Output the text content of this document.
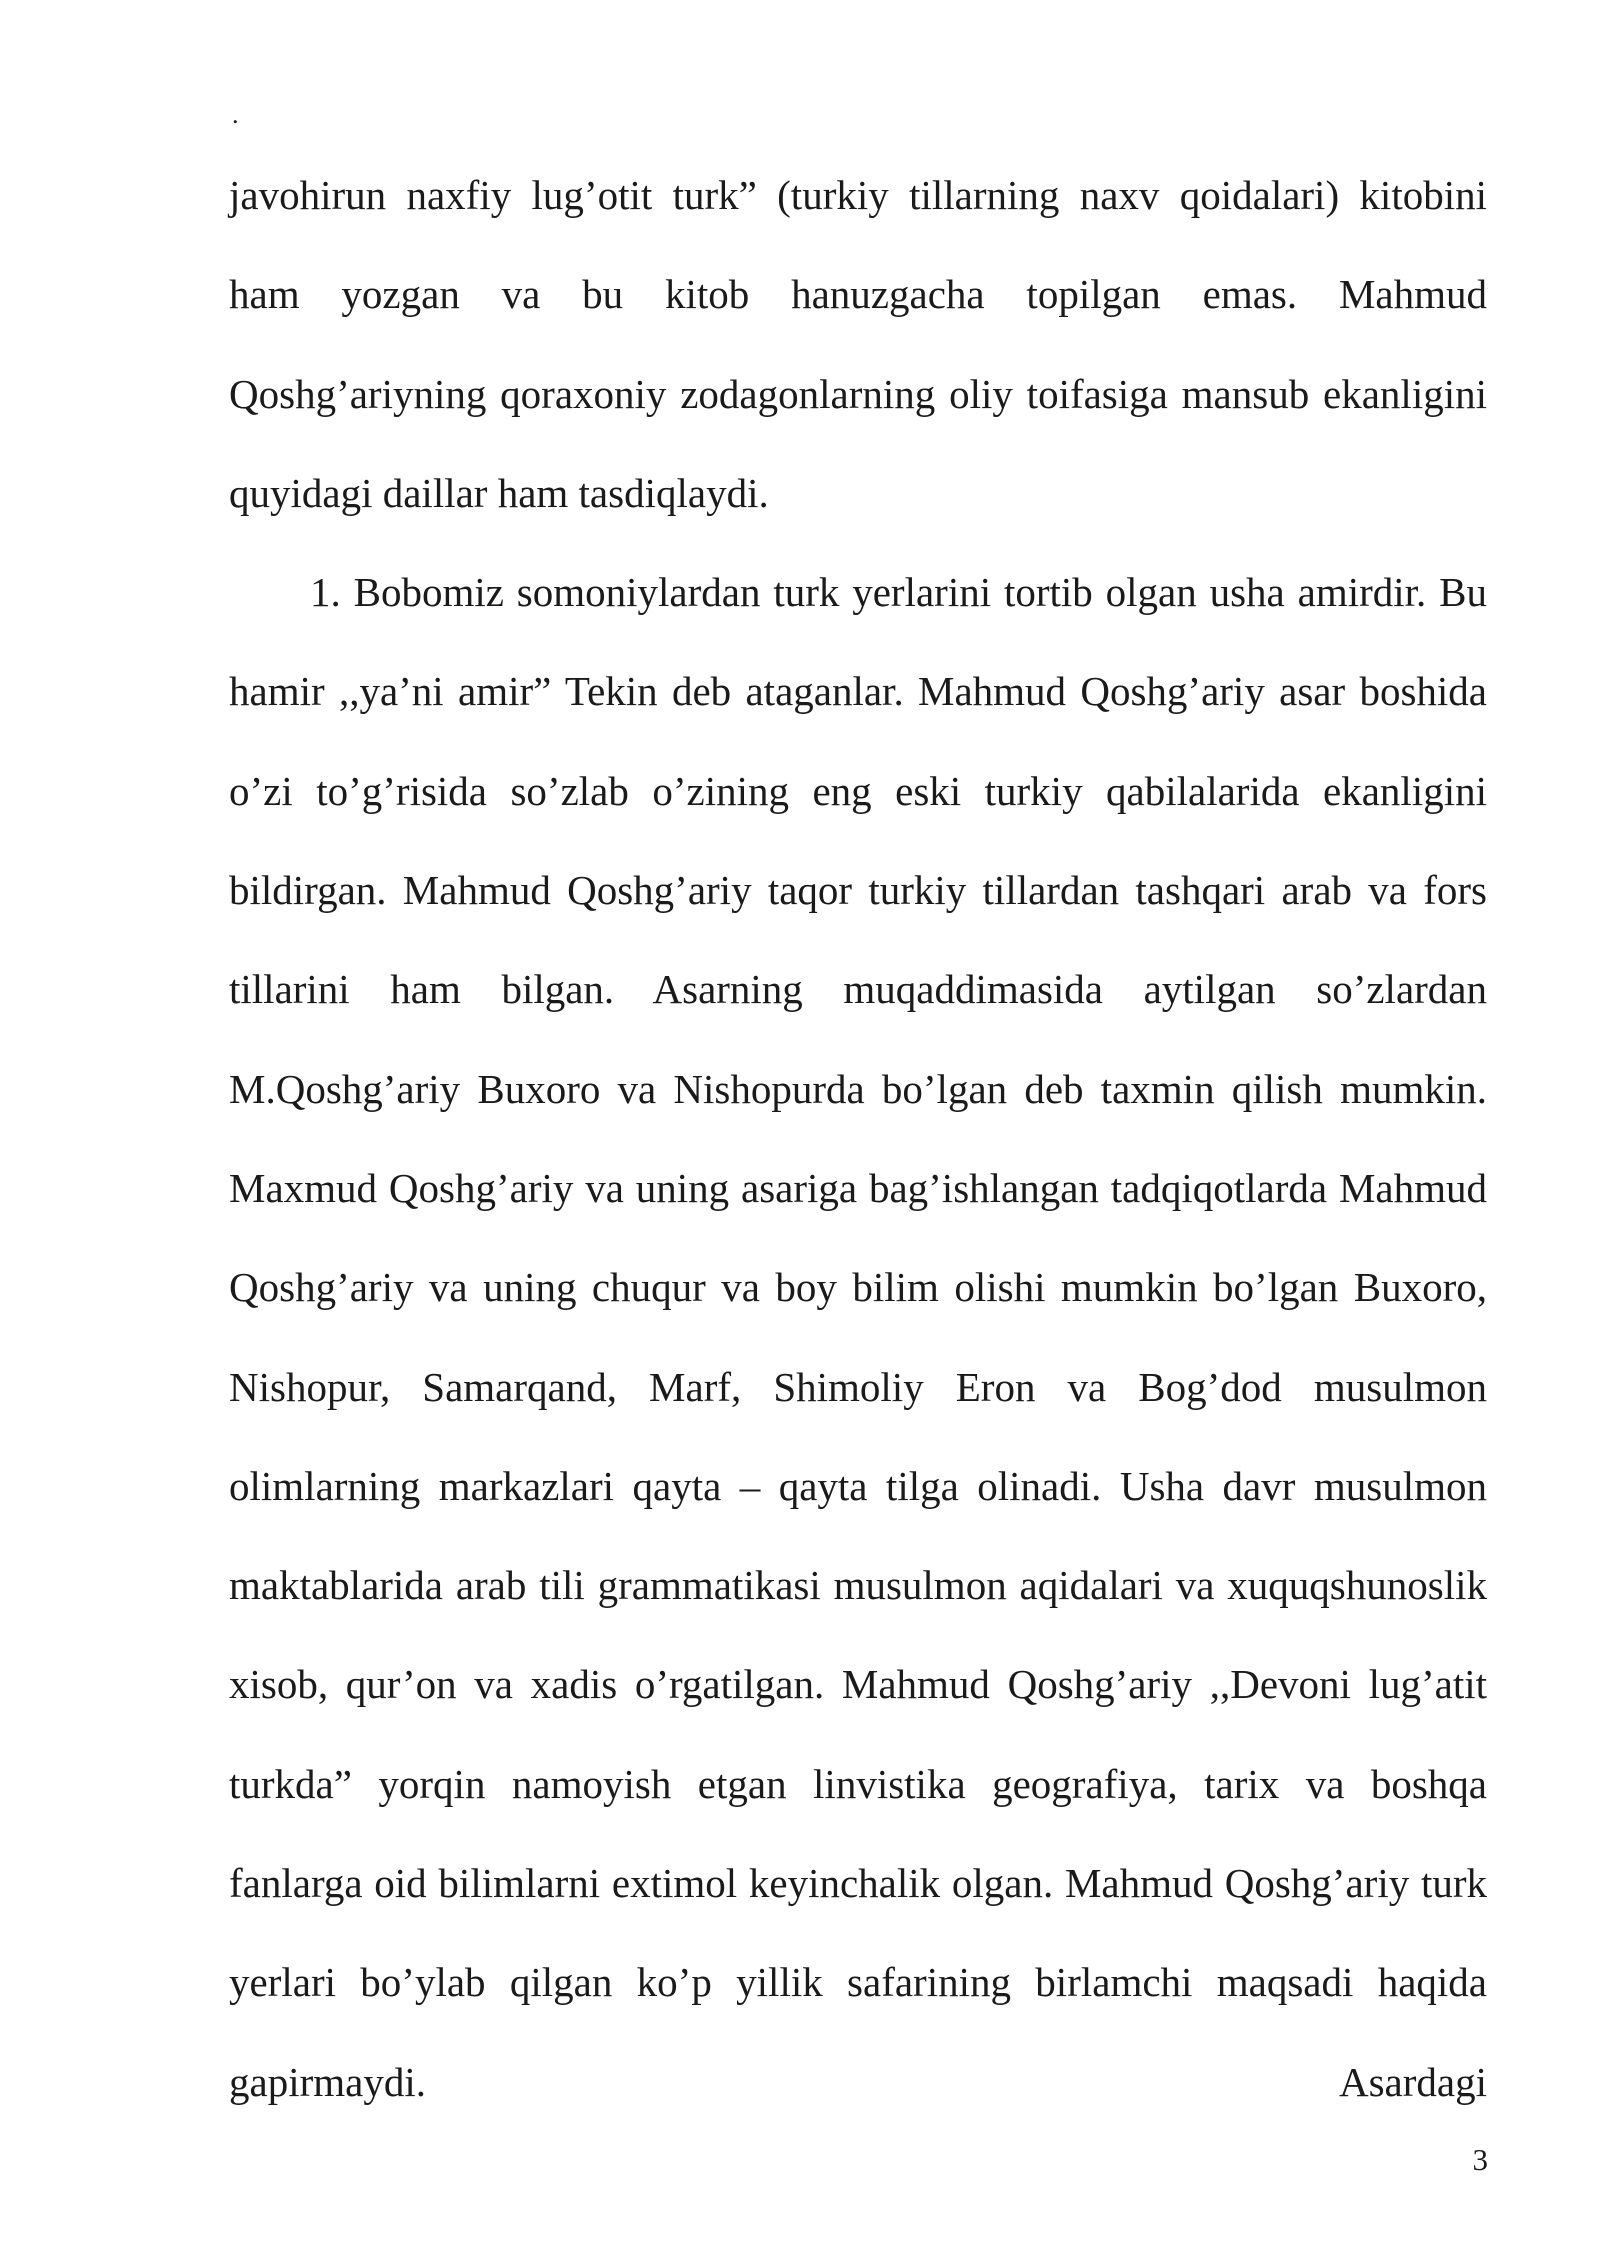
.

javohirun naxfiy lug’otit turk” (turkiy tillarning naxv qoidalari) kitobini ham yozgan va bu kitob hanuzgacha topilgan emas. Mahmud Qoshg’ariyning qoraxoniy zodagonlarning oliy toifasiga mansub ekanligini quyidagi daillar ham tasdiqlaydi.

1. Bobomiz somoniylardan turk yerlarini tortib olgan usha amirdir. Bu hamir ,,ya’ni amir” Tekin deb ataganlar. Mahmud Qoshg’ariy asar boshida o’zi to’g’risida so’zlab o’zining eng eski turkiy qabilalarida ekanligini bildirgan. Mahmud Qoshg’ariy taqor turkiy tillardan tashqari arab va fors tillarini ham bilgan. Asarning muqaddimasida aytilgan so’zlardan M.Qoshg’ariy Buxoro va Nishopurda bo’lgan deb taxmin qilish mumkin. Maxmud Qoshg’ariy va uning asariga bag’ishlangan tadqiqotlarda Mahmud Qoshg’ariy va uning chuqur va boy bilim olishi mumkin bo’lgan Buxoro, Nishopur, Samarqand, Marf, Shimoliy Eron va Bog’dod musulmon olimlarning markazlari qayta – qayta tilga olinadi. Usha davr musulmon maktablarida arab tili grammatikasi musulmon aqidalari va xuquqshunoslik xisob, qur’on va xadis o’rgatilgan. Mahmud Qoshg’ariy ,,Devoni lug’atit turkda” yorqin namoyish etgan linvistika geografiya, tarix va boshqa fanlarga oid bilimlarni extimol keyinchalik olgan. Mahmud Qoshg’ariy turk yerlari bo’ylab qilgan ko’p yillik safarining birlamchi maqsadi haqida gapirmaydi. Asardagi

3
